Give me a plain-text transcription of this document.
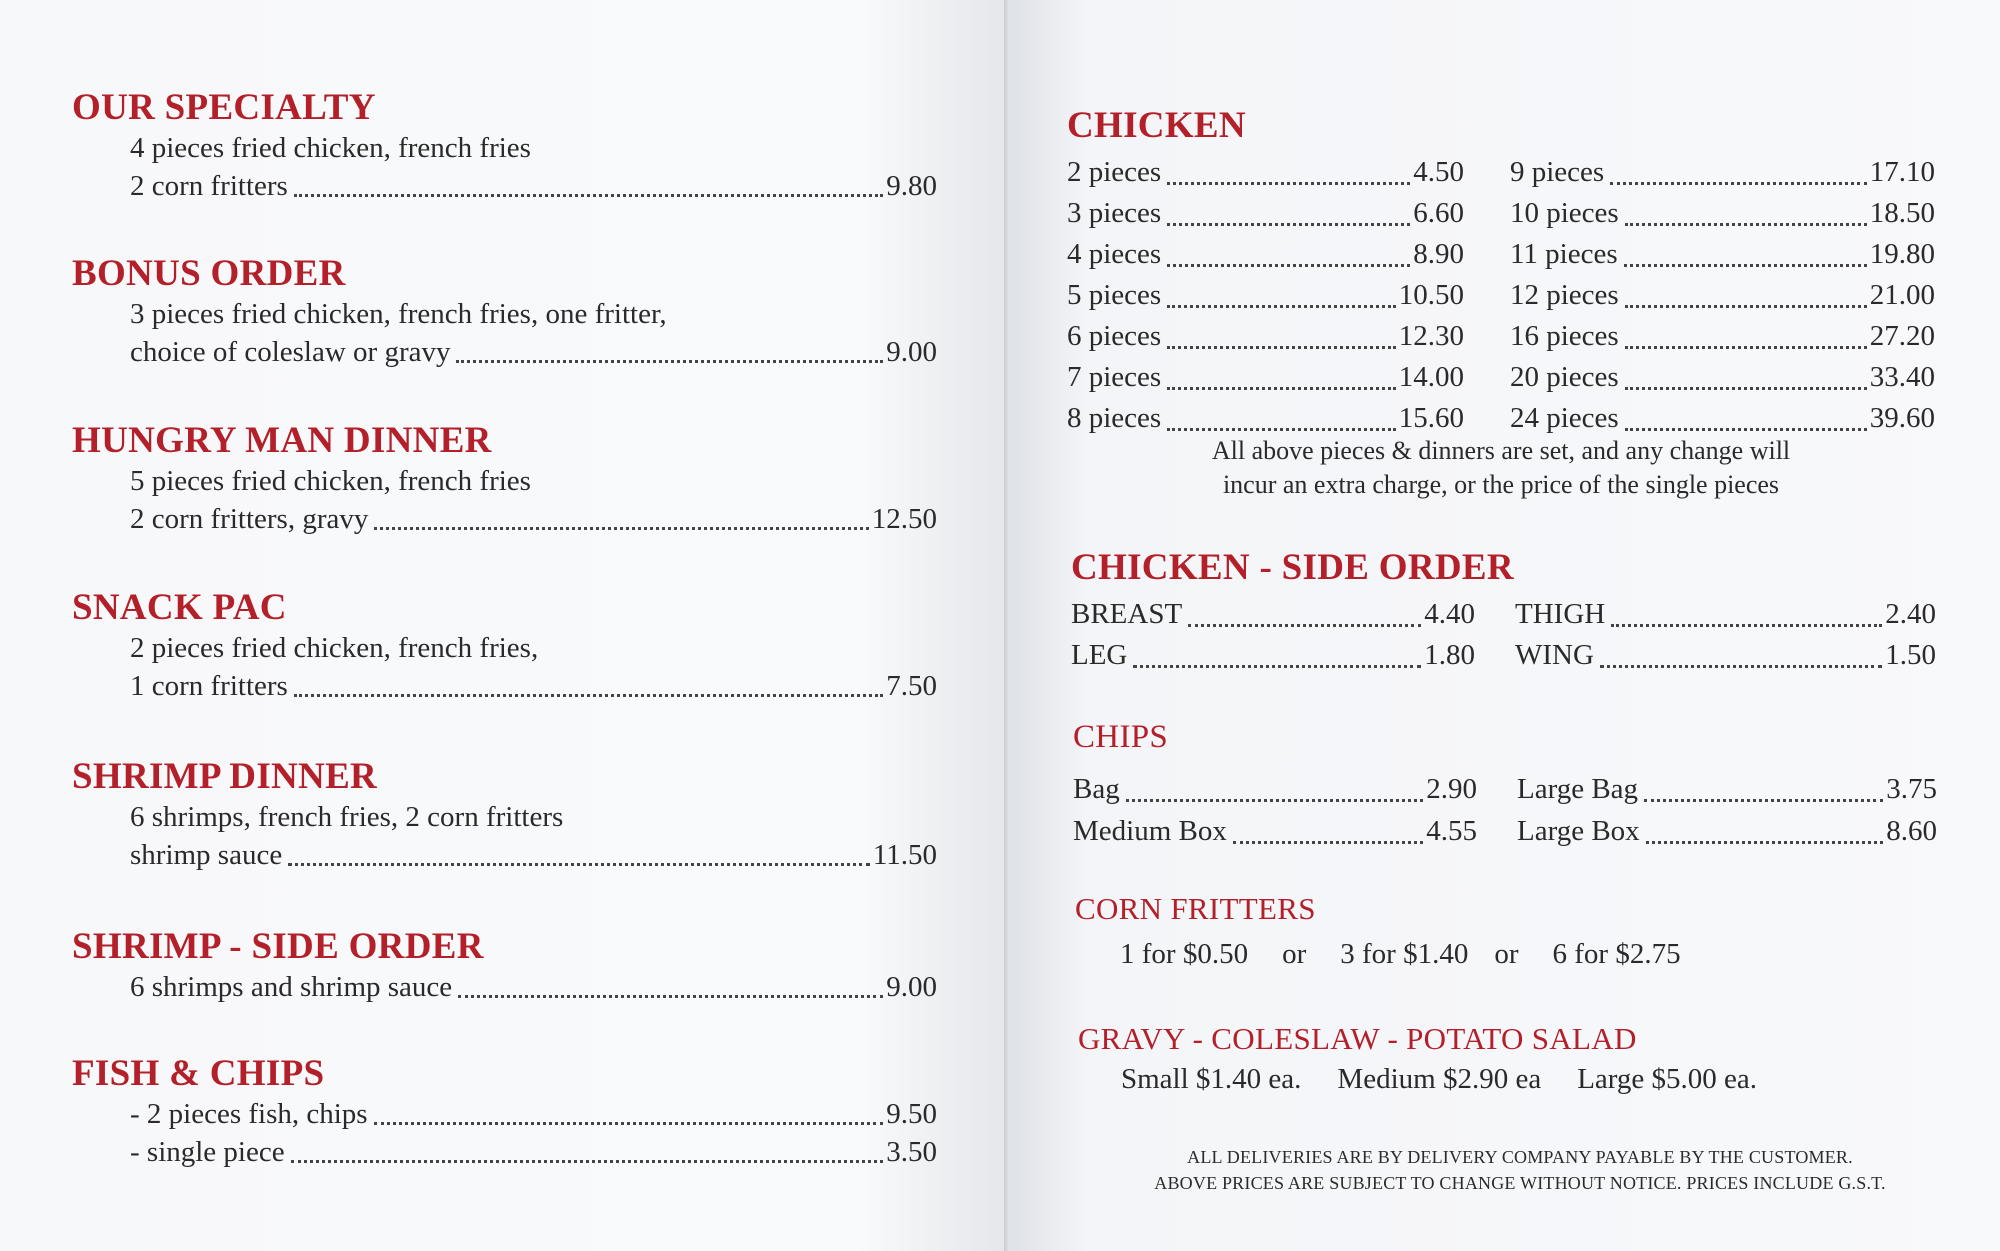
OUR SPECIALTY
4 pieces fried chicken, french fries
2 corn fritters	9.80
BONUS ORDER
3 pieces fried chicken, french fries, one fritter,
choice of coleslaw or gravy	9.00
HUNGRY MAN DINNER
5 pieces fried chicken, french fries
2 corn fritters, gravy	12.50
SNACK PAC
2 pieces fried chicken, french fries,
1 corn fritters	7.50
SHRIMP DINNER
6 shrimps, french fries, 2 corn fritters
shrimp sauce	11.50
SHRIMP - SIDE ORDER
6 shrimps and shrimp sauce	9.00
FISH & CHIPS
- 2 pieces fish, chips	9.50
- single piece	3.50
CHICKEN
2 pieces	4.50
3 pieces	6.60
4 pieces	8.90
5 pieces	10.50
6 pieces	12.30
7 pieces	14.00
8 pieces	15.60
9 pieces	17.10
10 pieces	18.50
11 pieces	19.80
12 pieces	21.00
16 pieces	27.20
20 pieces	33.40
24 pieces	39.60
All above pieces & dinners are set, and any change will
incur an extra charge, or the price of the single pieces
CHICKEN - SIDE ORDER
BREAST	4.40
LEG	1.80
THIGH	2.40
WING	1.50
CHIPS
Bag	2.90
Medium Box	4.55
Large Bag	3.75
Large Box	8.60
CORN FRITTERS
1 for $0.50 or 3 for $1.40 or 6 for $2.75
GRAVY - COLESLAW - POTATO SALAD
Small $1.40 ea. Medium $2.90 ea Large $5.00 ea.
ALL DELIVERIES ARE BY DELIVERY COMPANY PAYABLE BY THE CUSTOMER.
ABOVE PRICES ARE SUBJECT TO CHANGE WITHOUT NOTICE. PRICES INCLUDE G.S.T.
